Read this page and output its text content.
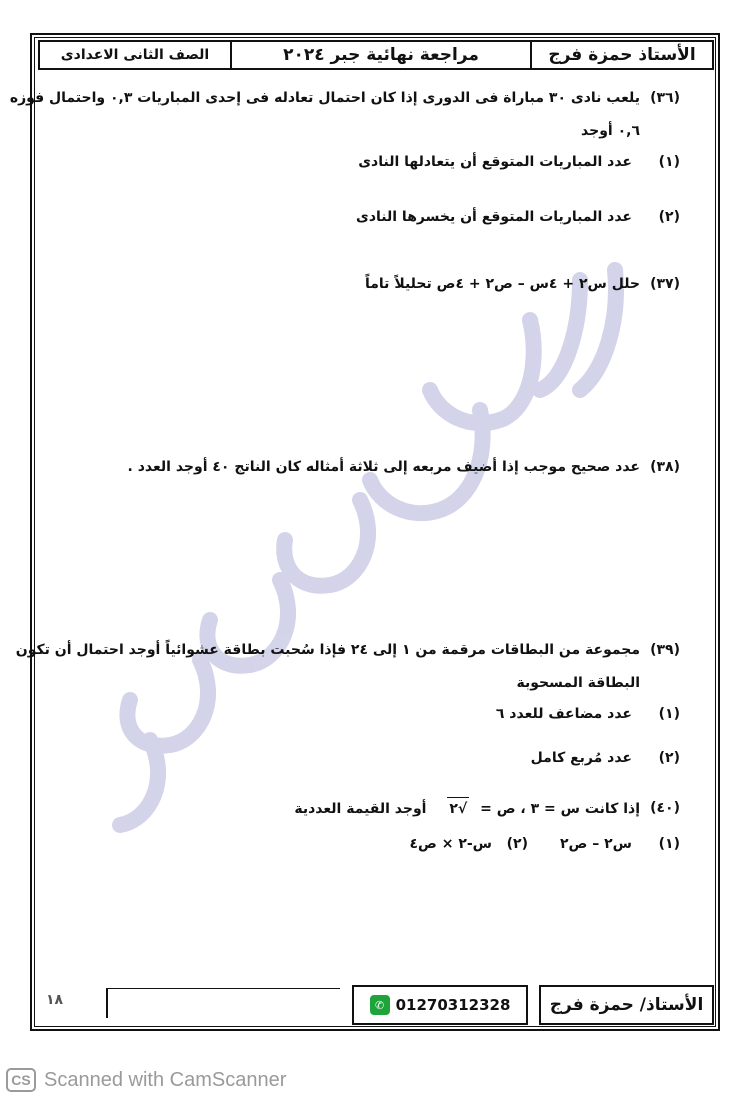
الأستاذ حمزة فرج
مراجعة نهائية جبر ٢٠٢٤
الصف الثانى الاعدادى
(٣٦)
يلعب نادى ٣٠ مباراة فى الدورى إذا كان احتمال تعادله فى إحدى المباريات ٠,٣ واحتمال فوزه
٠,٦ أوجد
(١)
عدد المباريات المتوقع أن يتعادلها النادى
(٢)
عدد المباريات المتوقع أن يخسرها النادى
(٣٧)
حلل س٢ + ٤س – ص٢ + ٤ص تحليلاً تاماً
(٣٨)
عدد صحيح موجب إذا أضيف مربعه إلى ثلاثة أمثاله كان الناتج ٤٠ أوجد العدد .
(٣٩)
مجموعة من البطاقات مرقمة من ١ إلى ٢٤ فإذا سُحبت بطاقة عشوائياً أوجد احتمال أن تكون
البطاقة المسحوبة
(١)
عدد مضاعف للعدد ٦
(٢)
عدد مُربع كامل
(٤٠)
إذا كانت س = ٣ ، ص = √٢ أوجد القيمة العددية
(١)
س٢ – ص٢
(٢)
س-٢ × ص٤
١٨	✆ 01270312328 الأستاذ/ حمزة فرج
CS Scanned with CamScanner
